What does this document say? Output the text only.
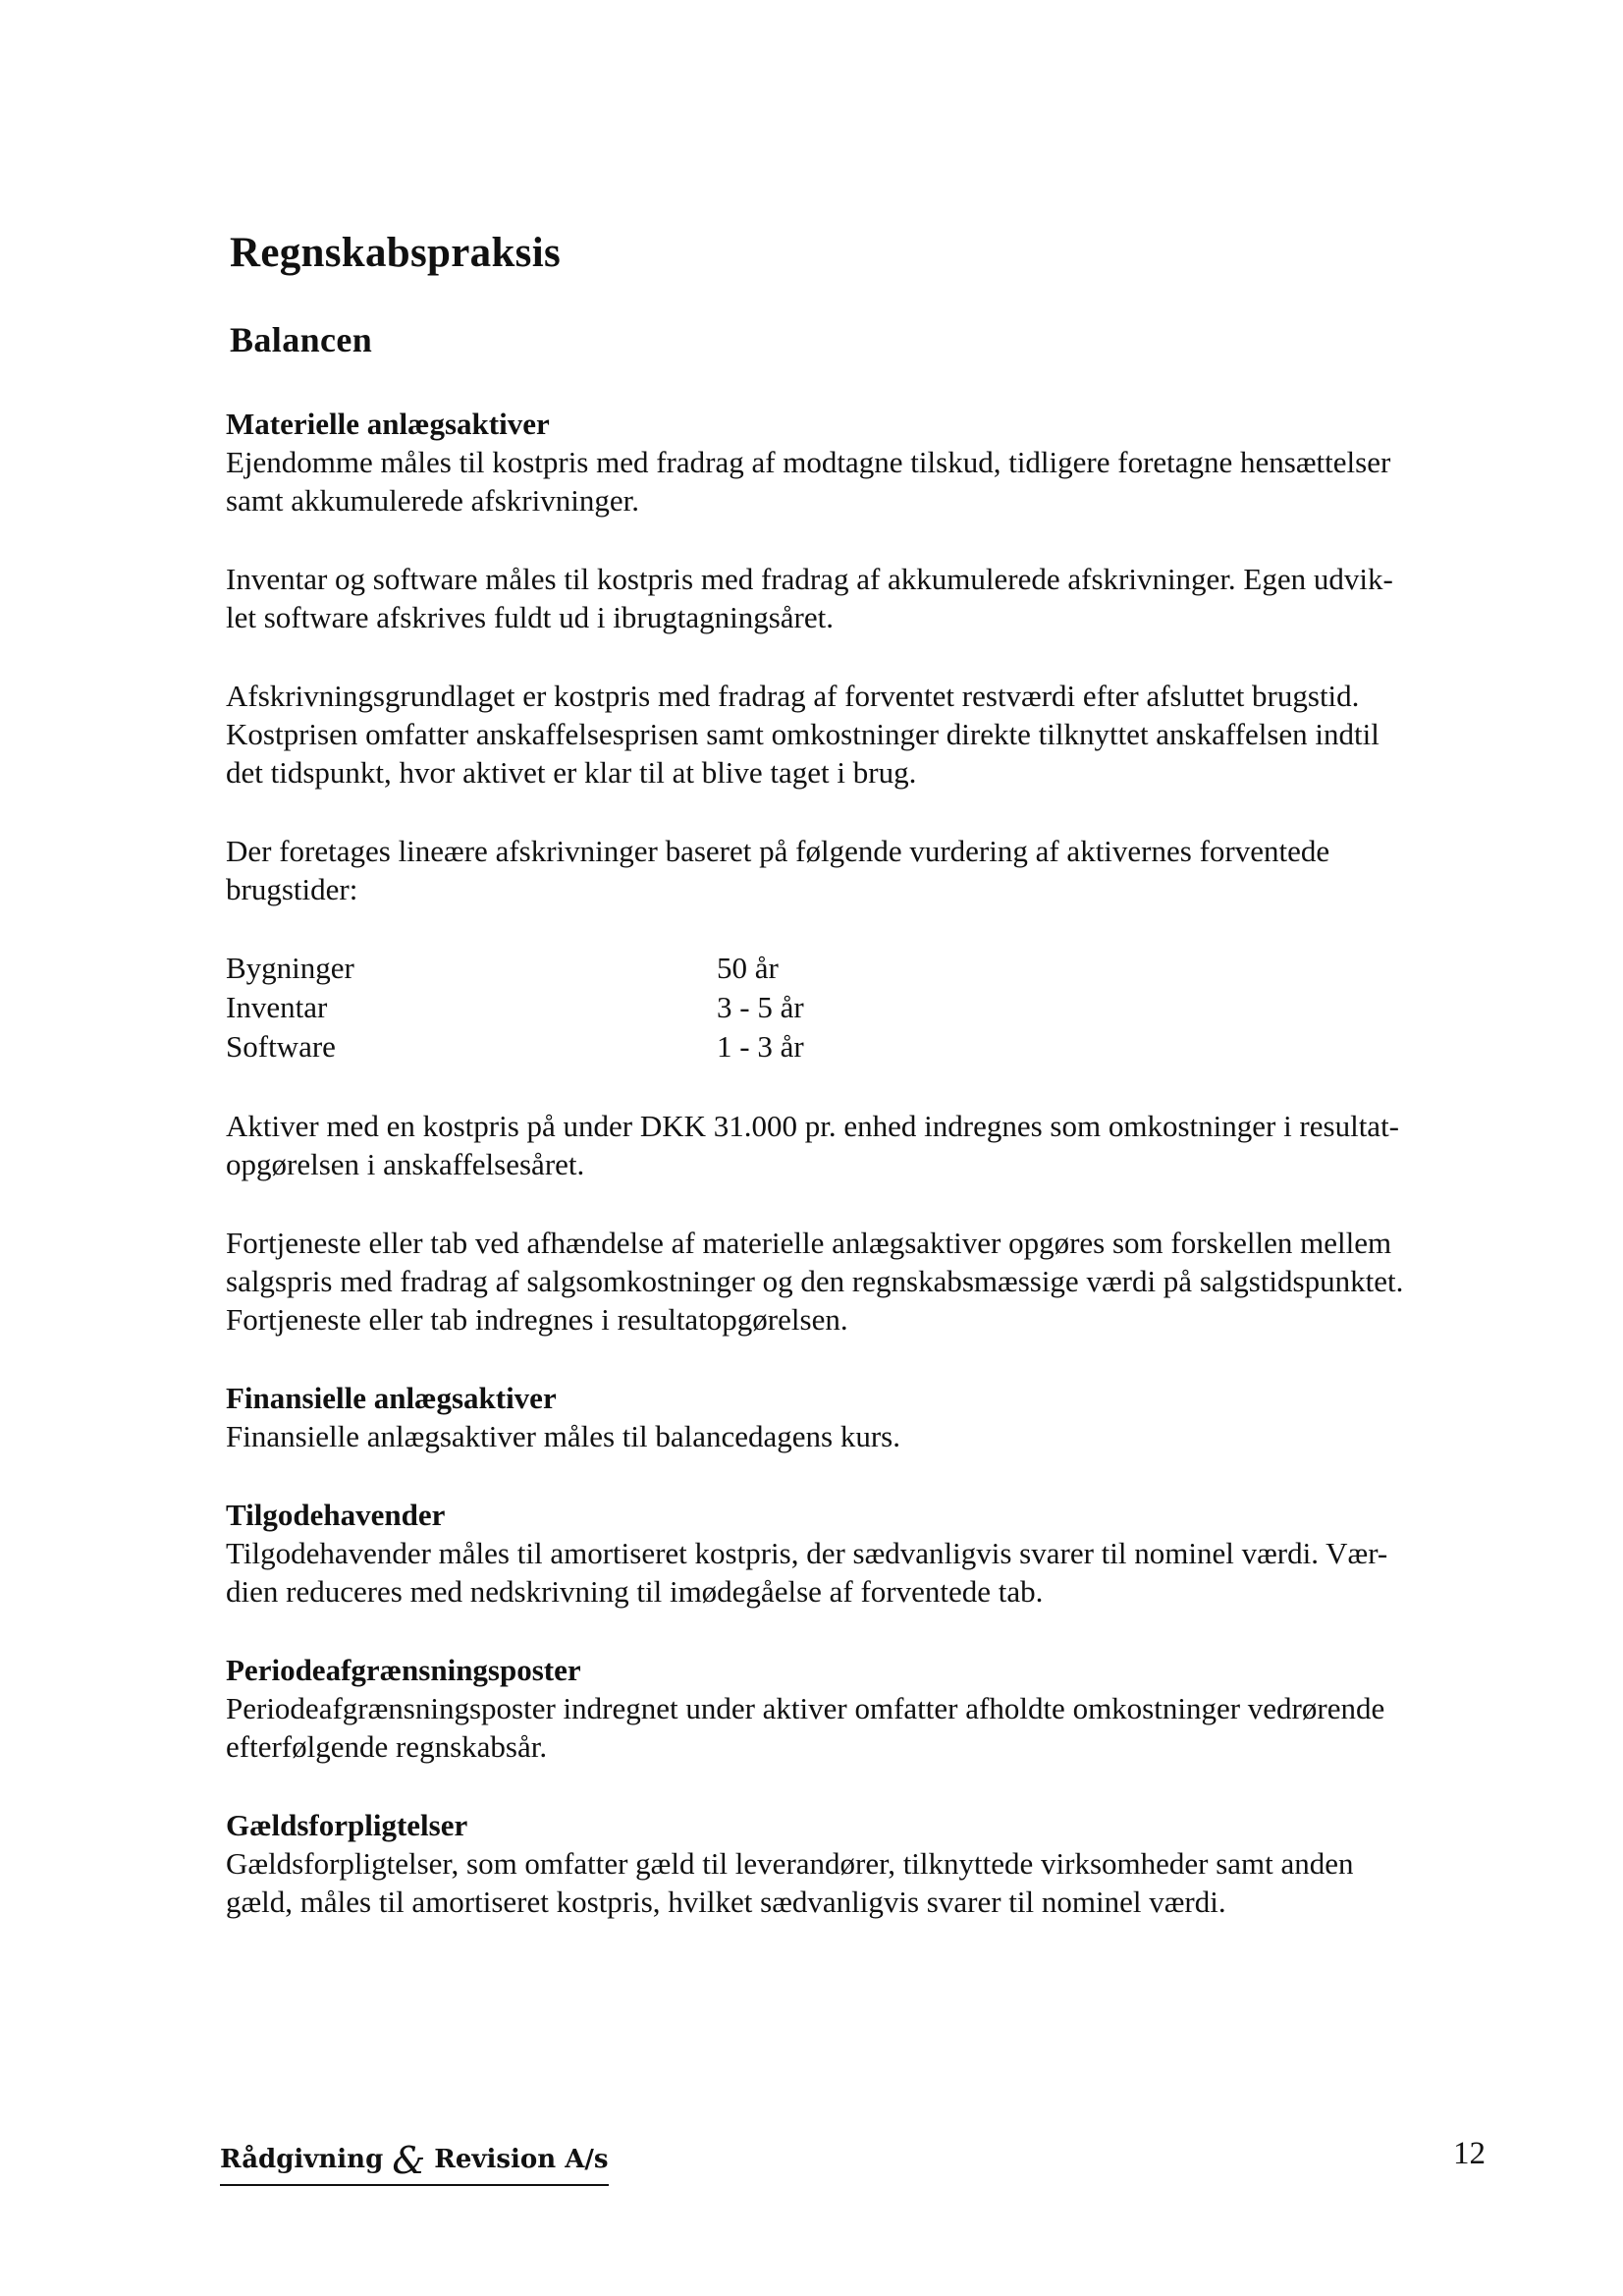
Regnskabspraksis
Balancen
Materielle anlægsaktiver
Ejendomme måles til kostpris med fradrag af modtagne tilskud, tidligere foretagne hensættelser
samt akkumulerede afskrivninger.
Inventar og software måles til kostpris med fradrag af akkumulerede afskrivninger. Egen udvik-
let software afskrives fuldt ud i ibrugtagningsåret.
Afskrivningsgrundlaget er kostpris med fradrag af forventet restværdi efter afsluttet brugstid.
Kostprisen omfatter anskaffelsesprisen samt omkostninger direkte tilknyttet anskaffelsen indtil
det tidspunkt, hvor aktivet er klar til at blive taget i brug.
Der foretages lineære afskrivninger baseret på følgende vurdering af aktivernes forventede
brugstider:
Bygninger	50 år
Inventar	3 - 5 år
Software	1 - 3 år
Aktiver med en kostpris på under DKK 31.000 pr. enhed indregnes som omkostninger i resultat-
opgørelsen i anskaffelsesåret.
Fortjeneste eller tab ved afhændelse af materielle anlægsaktiver opgøres som forskellen mellem
salgspris med fradrag af salgsomkostninger og den regnskabsmæssige værdi på salgstidspunktet.
Fortjeneste eller tab indregnes i resultatopgørelsen.
Finansielle anlægsaktiver
Finansielle anlægsaktiver måles til balancedagens kurs.
Tilgodehavender
Tilgodehavender måles til amortiseret kostpris, der sædvanligvis svarer til nominel værdi. Vær-
dien reduceres med nedskrivning til imødegåelse af forventede tab.
Periodeafgrænsningsposter
Periodeafgrænsningsposter indregnet under aktiver omfatter afholdte omkostninger vedrørende
efterfølgende regnskabsår.
Gældsforpligtelser
Gældsforpligtelser, som omfatter gæld til leverandører, tilknyttede virksomheder samt anden
gæld, måles til amortiseret kostpris, hvilket sædvanligvis svarer til nominel værdi.
Rådgivning & Revision A/s	12
